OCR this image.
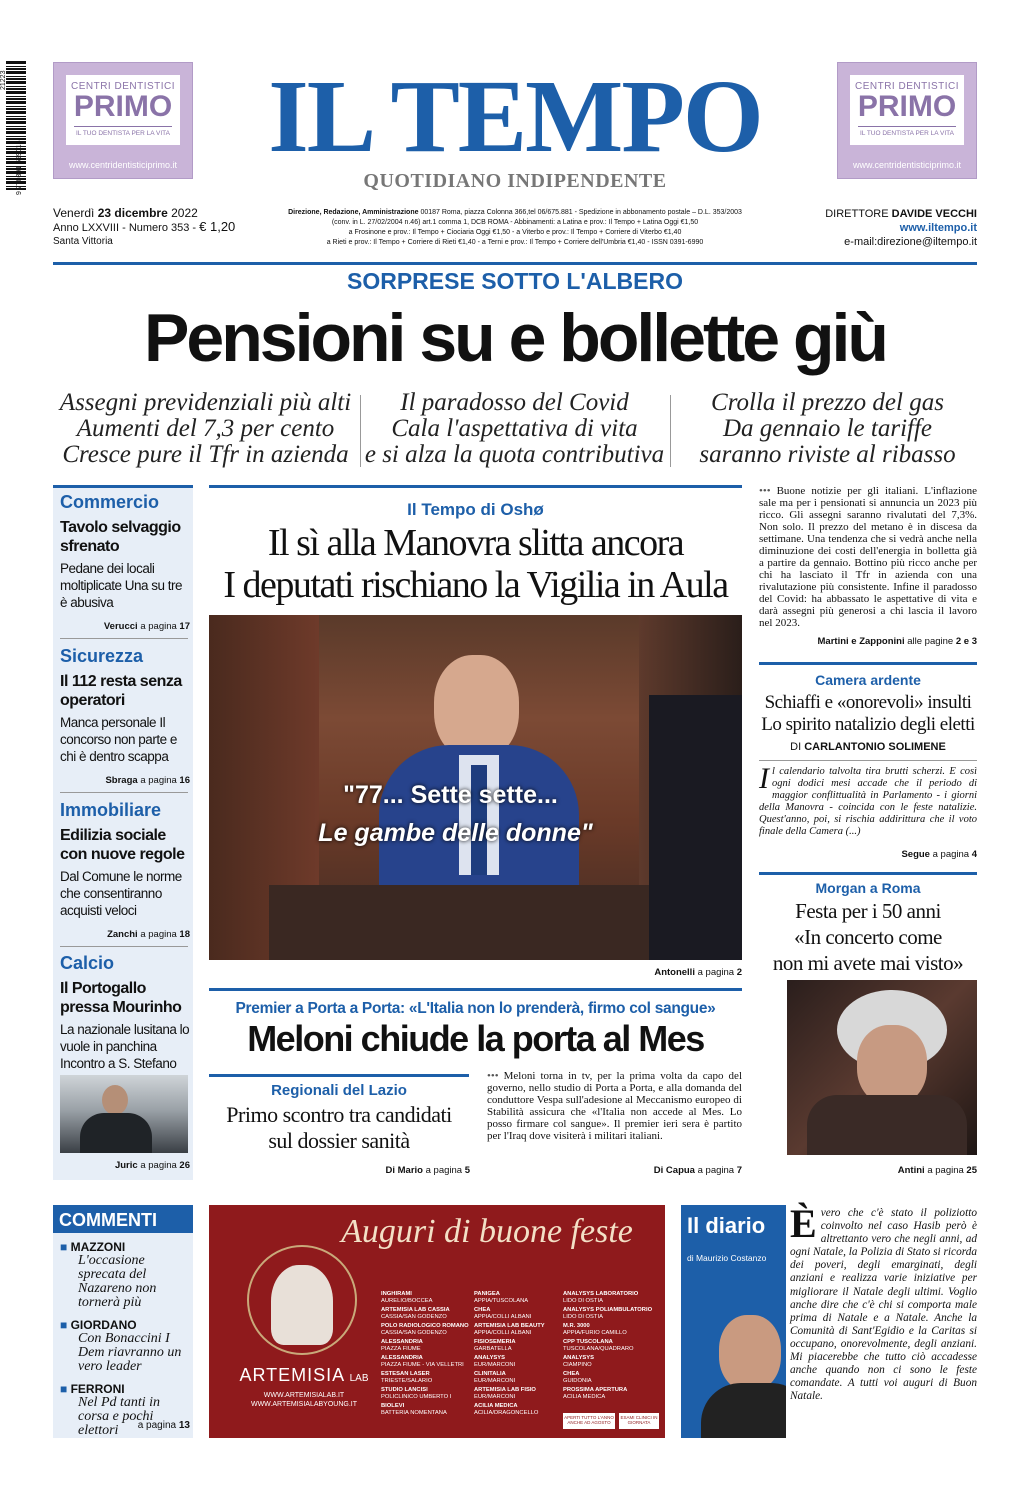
9 770391 699015
21223	CENTRI DENTISTICI
PRIMO
IL TUO DENTISTA PER LA VITA
www.centridentisticiprimo.it
CENTRI DENTISTICI
PRIMO
IL TUO DENTISTA PER LA VITA
www.centridentisticiprimo.it
IL TEMPO
QUOTIDIANO INDIPENDENTE
Venerdì 23 dicembre 2022
Anno LXXVIII - Numero 353 - € 1,20
Santa Vittoria
Direzione, Redazione, Amministrazione 00187 Roma, piazza Colonna 366,tel 06/675.881 - Spedizione in abbonamento postale – D.L. 353/2003
(conv. in L. 27/02/2004 n.46) art.1 comma 1, DCB ROMA - Abbinamenti: a Latina e prov.: Il Tempo + Latina Oggi €1,50
a Frosinone e prov.: Il Tempo + Ciociaria Oggi €1,50 - a Viterbo e prov.: Il Tempo + Corriere di Viterbo €1,40
a Rieti e prov.: Il Tempo + Corriere di Rieti €1,40 - a Terni e prov.: Il Tempo + Corriere dell'Umbria €1,40 - ISSN 0391-6990
DIRETTORE DAVIDE VECCHI
www.iltempo.it
e-mail:direzione@iltempo.it
SORPRESE SOTTO L'ALBERO
Pensioni su e bollette giù
Assegni previdenziali più alti
Aumenti del 7,3 per cento
Cresce pure il Tfr in azienda
Il paradosso del Covid
Cala l'aspettativa di vita
e si alza la quota contributiva
Crolla il prezzo del gas
Da gennaio le tariffe
saranno riviste al ribasso
Commercio
Tavolo selvaggio sfrenato
Pedane dei locali moltiplicate Una su tre è abusiva
Verucci a pagina 17
Sicurezza
Il 112 resta senza operatori
Manca personale Il concorso non parte e chi è dentro scappa
Sbraga a pagina 16
Immobiliare
Edilizia sociale con nuove regole
Dal Comune le norme che consentiranno acquisti veloci
Zanchi a pagina 18
Calcio
Il Portogallo pressa Mourinho
La nazionale lusitana lo vuole in panchina Incontro a S. Stefano
Juric a pagina 26
Il Tempo di Oshø
Il sì alla Manovra slitta ancora
I deputati rischiano la Vigilia in Aula
"77... Sette sette...
Le gambe delle donne"
Antonelli a pagina 2
••• Buone notizie per gli italiani. L'inflazione sale ma per i pensionati si annuncia un 2023 più ricco. Gli assegni saranno rivalutati del 7,3%. Non solo. Il prezzo del metano è in discesa da settimane. Una tendenza che si vedrà anche nella diminuzione dei costi dell'energia in bolletta già a partire da gennaio. Bottino più ricco anche per chi ha lasciato il Tfr in azienda con una rivalutazione più consistente. Infine il paradosso del Covid: ha abbassato le aspettative di vita e darà assegni più generosi a chi lascia il lavoro nel 2023.
Martini e Zapponini alle pagine 2 e 3
Camera ardente
Schiaffi e «onorevoli» insulti
Lo spirito natalizio degli eletti
DI CARLANTONIO SOLIMENE
Il calendario talvolta tira brutti scherzi. E così ogni dodici mesi accade che il periodo di maggior conflittualità in Parlamento - i giorni della Manovra - coincida con le feste natalizie. Quest'anno, poi, si rischia addirittura che il voto finale della Camera (...)
Segue a pagina 4
Morgan a Roma
Festa per i 50 anni
«In concerto come
non mi avete mai visto»
Antini a pagina 25
Premier a Porta a Porta: «L'Italia non lo prenderà, firmo col sangue»
Meloni chiude la porta al Mes
Regionali del Lazio
Primo scontro tra candidati
sul dossier sanità
Di Mario a pagina 5
••• Meloni torna in tv, per la prima volta da capo del governo, nello studio di Porta a Porta, e alla domanda del conduttore Vespa sull'adesione al Meccanismo europeo di Stabilità assicura che «l'Italia non accede al Mes. Lo posso firmare col sangue». Il premier ieri sera è partito per l'Iraq dove visiterà i militari italiani.
Di Capua a pagina 7
COMMENTI
■ MAZZONI
L'occasione sprecata del Nazareno non tornerà più
■ GIORDANO
Con Bonaccini I Dem riavranno un vero leader
■ FERRONI
Nel Pd tanti in corsa e pochi elettori	a pagina 13
Auguri di buone feste
ARTEMISIA LAB
WWW.ARTEMISIALAB.IT
WWW.ARTEMISIALABYOUNG.IT
INGHIRAMI
AURELIO/BOCCEA
ARTEMISIA LAB CASSIA
CASSIA/SAN GODENZO
POLO RADIOLOGICO ROMANO
CASSIA/SAN GODENZO
ALESSANDRIA
PIAZZA FIUME
ALESSANDRIA
PIAZZA FIUME - VIA VELLETRI
ESTESAN LASER
TRIESTE/SALARIO
STUDIO LANCISI
POLICLINICO UMBERTO I
BIOLEVI
BATTERIA NOMENTANA
PANIGEA
APPIA/TUSCOLANA
CHEA
APPIA/COLLI ALBANI
ARTEMISIA LAB BEAUTY
APPIA/COLLI ALBANI
FISIOSEMERIA
GARBATELLA
ANALYSYS
EUR/MARCONI
CLINITALIA
EUR/MARCONI
ARTEMISIA LAB FISIO
EUR/MARCONI
ACILIA MEDICA
ACILIA/DRAGONCELLO
ANALYSYS LABORATORIO
LIDO DI OSTIA
ANALYSYS POLIAMBULATORIO
LIDO DI OSTIA
M.R. 3000
APPIA/FURIO CAMILLO
CPP TUSCOLANA
TUSCOLANA/QUADRARO
ANALYSYS
CIAMPINO
CHEA
GUIDONIA
PROSSIMA APERTURA
ACILIA MEDICA
APERTI TUTTO L'ANNO ANCHE AD AGOSTO
ESAMI CLINICI IN GIORNATA
Il diario
di Maurizio Costanzo
Èvero che c'è stato il poliziotto coinvolto nel caso Hasib però è altrettanto vero che negli anni, ad ogni Natale, la Polizia di Stato si ricorda dei poveri, degli emarginati, degli anziani e realizza varie iniziative per migliorare il Natale degli ultimi. Voglio anche dire che c'è chi si comporta male prima di Natale e a Natale. Anche la Comunità di Sant'Egidio e la Caritas si occupano, onorevolmente, degli anziani. Mi piacerebbe che tutto ciò accadesse anche quando non ci sono le feste comandate. A tutti voi auguri di Buon Natale.
